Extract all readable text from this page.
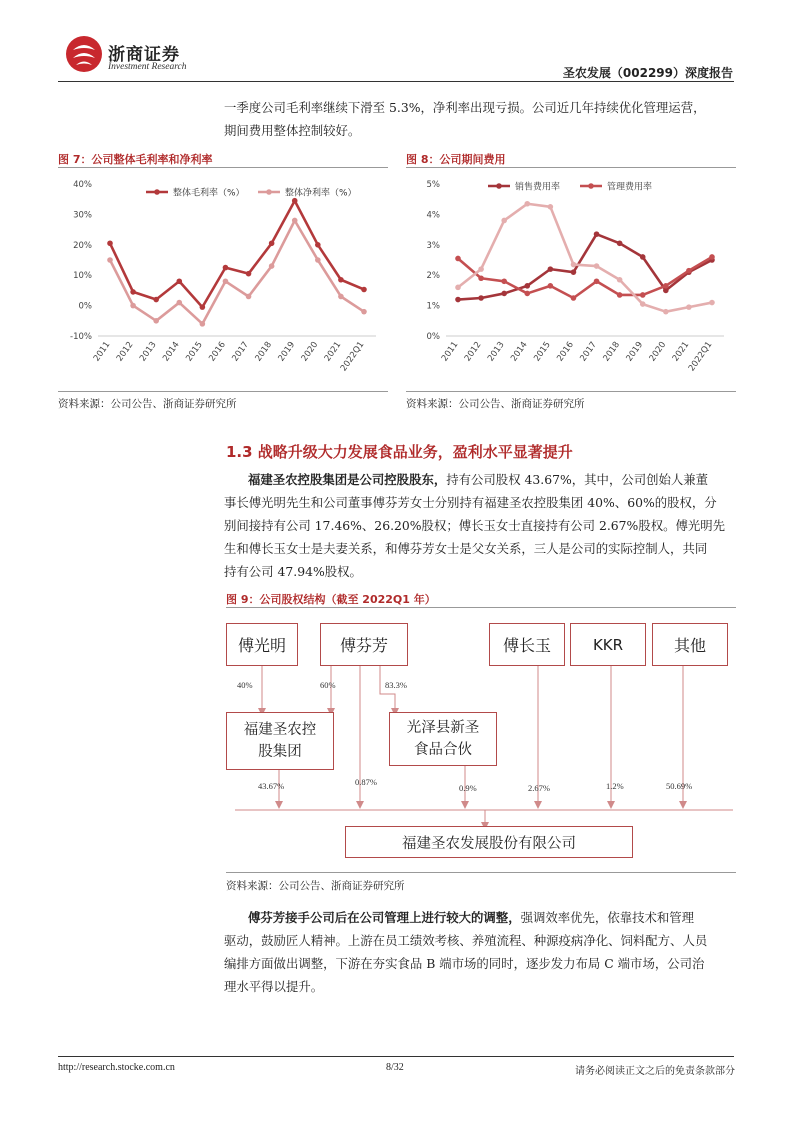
浙商证券
Investment Research	圣农发展（002299）深度报告
一季度公司毛利率继续下滑至 5.3%，净利率出现亏损。公司近几年持续优化管理运营，
期间费用整体控制较好。
图 7：公司整体毛利率和净利率
40%
30%
20%
10%
0%
-10%
2011 2012 2013 2014 2015 2016 2017 2018 2019 2020 2021
2022Q1
整体毛利率（%）	整体净利率（%）
资料来源：公司公告、浙商证券研究所
图 8：公司期间费用
5%
4%
3%
2%
1%
0%
2011 2012 2013 2014 2015 2016 2017 2018 2019 2020 2021
2022Q1
销售费用率	管理费用率
资料来源：公司公告、浙商证券研究所
1.3 战略升级大力发展食品业务，盈利水平显著提升
福建圣农控股集团是公司控股股东，持有公司股权 43.67%，其中，公司创始人兼董
事长傅光明先生和公司董事傅芬芳女士分别持有福建圣农控股集团 40%、60%的股权，分
别间接持有公司 17.46%、26.20%股权；傅长玉女士直接持有公司 2.67%股权。傅光明先
生和傅长玉女士是夫妻关系，和傅芬芳女士是父女关系，三人是公司的实际控制人，共同
持有公司 47.94%股权。
图 9：公司股权结构（截至 2022Q1 年）
傅光明	傅芬芳	傅长玉	KKR	其他
福建圣农控
股集团
光泽县新圣
食品合伙
福建圣农发展股份有限公司
40%	60%	83.3%
43.67%	0.87%
0.9%	2.67%	1.2%	50.69%
资料来源：公司公告、浙商证券研究所
傅芬芳接手公司后在公司管理上进行较大的调整，强调效率优先，依靠技术和管理
驱动，鼓励匠人精神。上游在员工绩效考核、养殖流程、种源疫病净化、饲料配方、人员
编排方面做出调整，下游在夯实食品 B 端市场的同时，逐步发力布局 C 端市场，公司治
理水平得以提升。
http://research.stocke.com.cn	8/32	请务必阅读正文之后的免责条款部分
